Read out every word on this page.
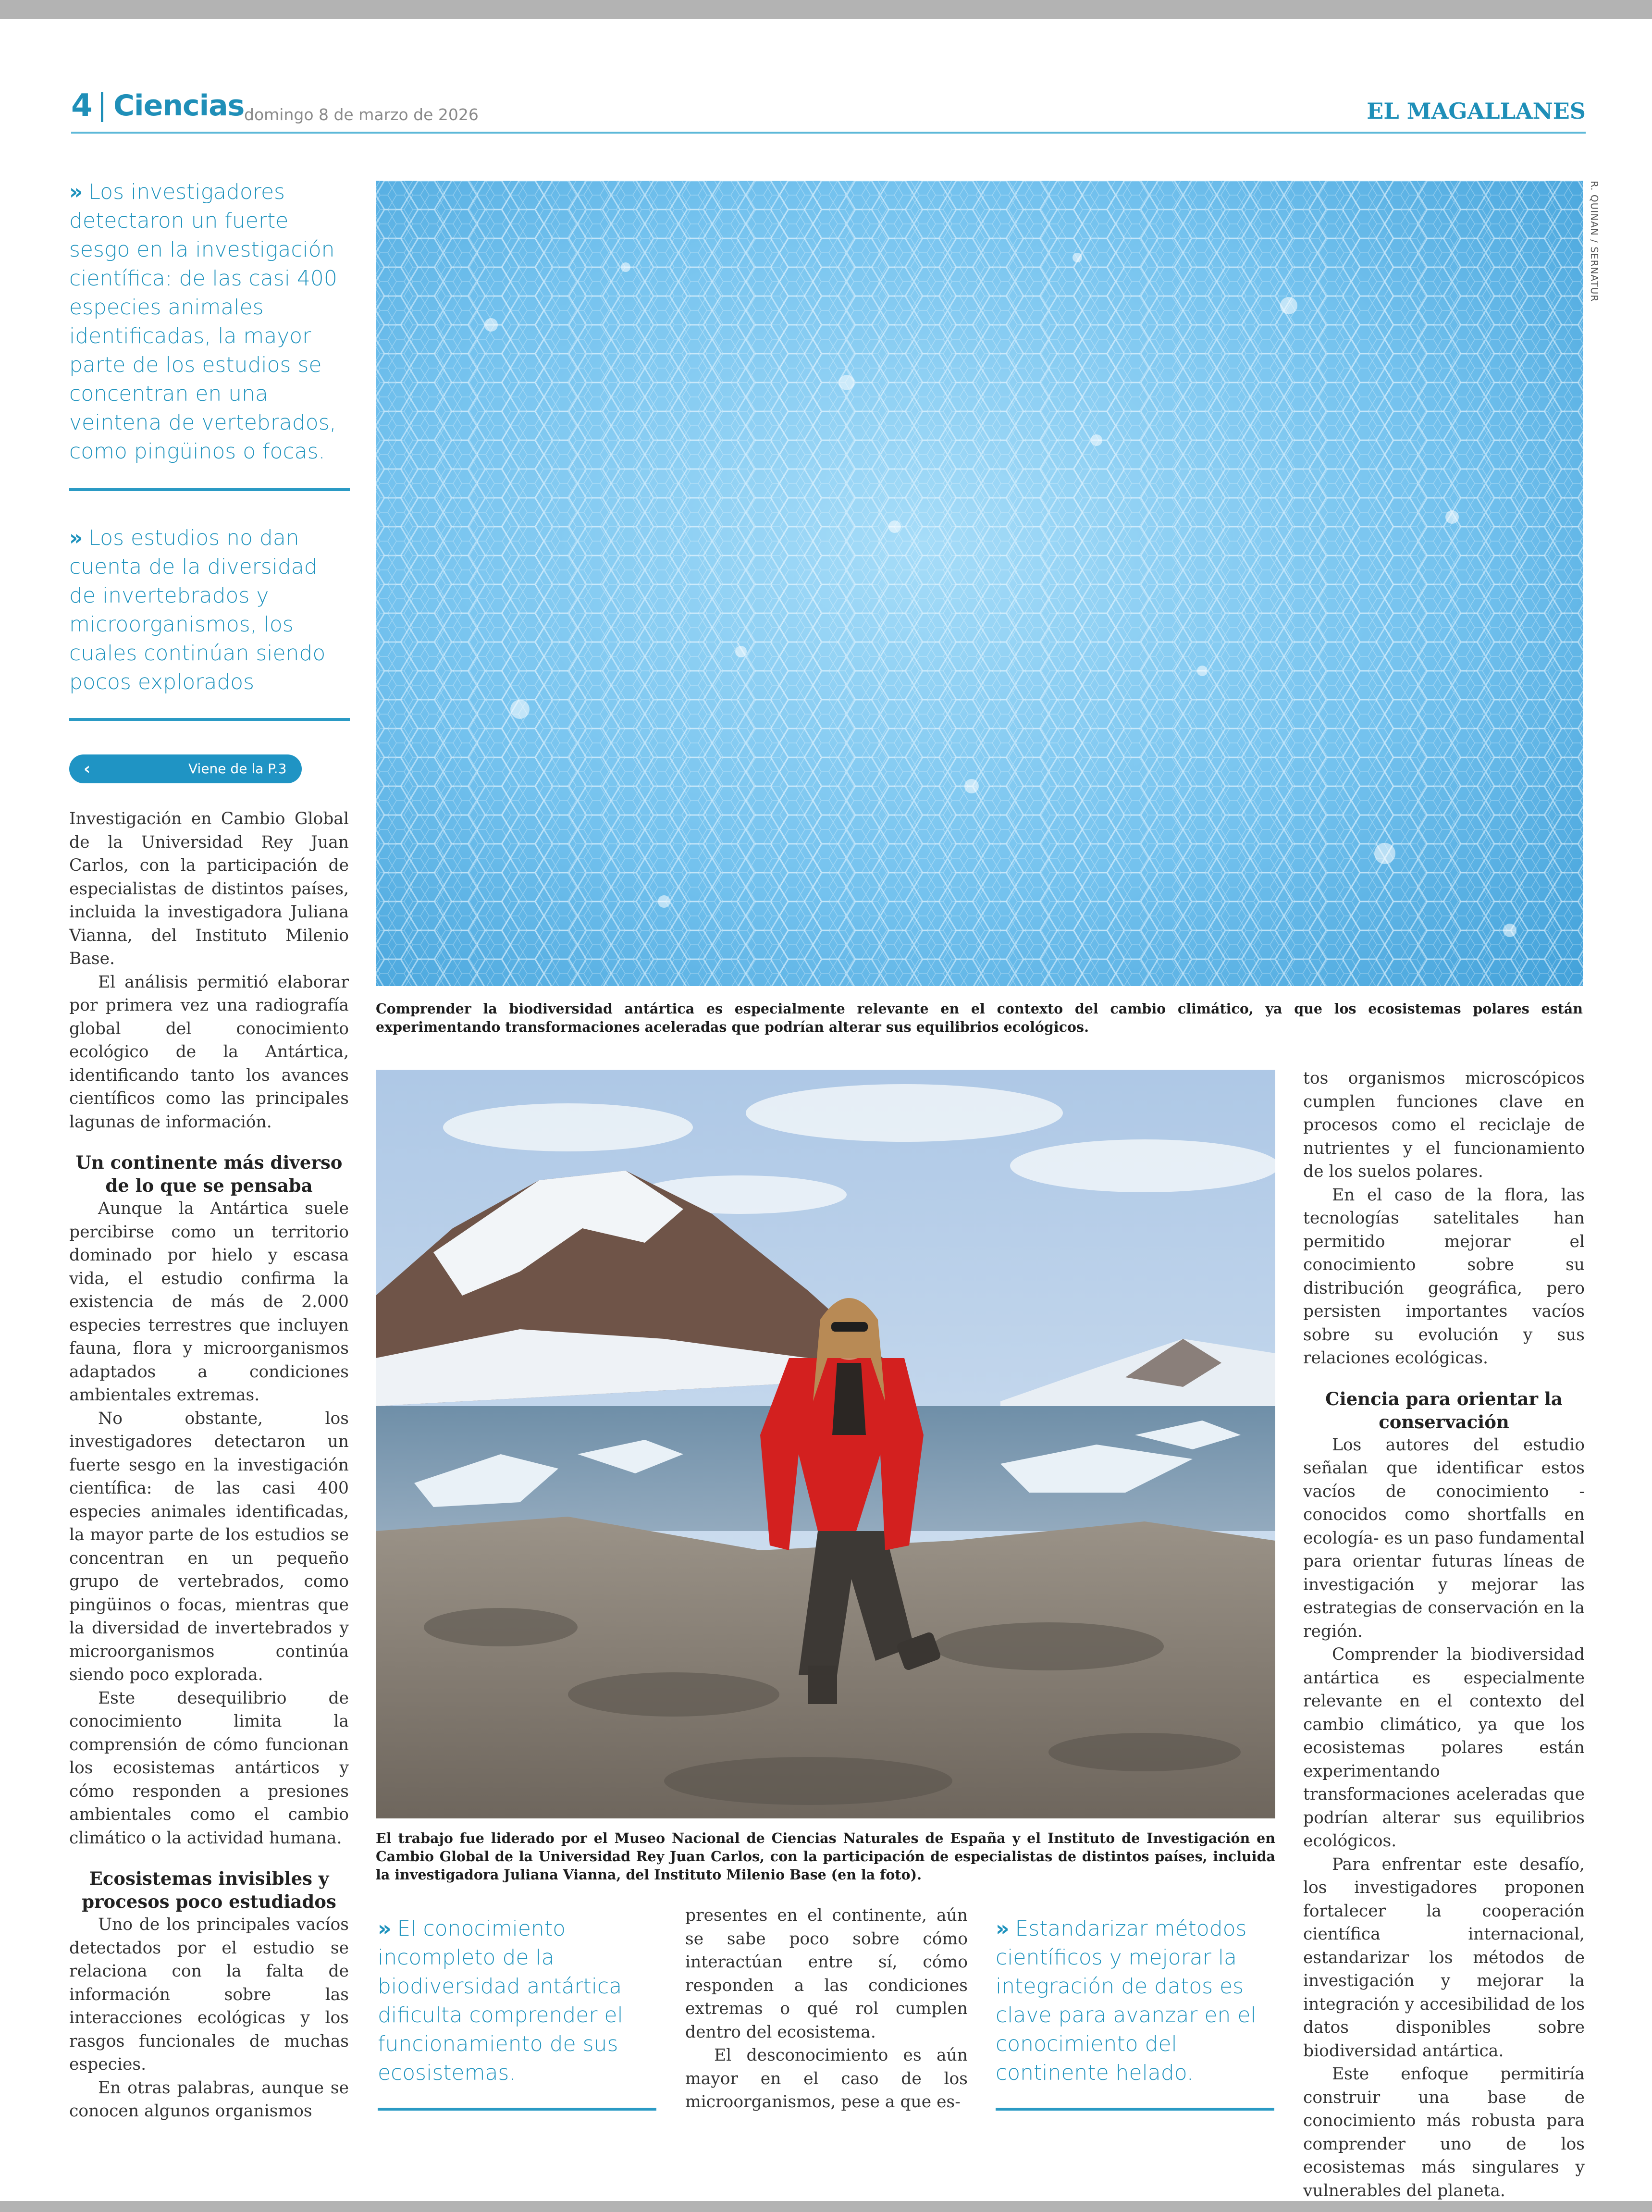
4 Ciencias domingo 8 de marzo de 2026	EL MAGALLANES
» Los investigadores detectaron un fuerte sesgo en la investigación científica: de las casi 400 especies animales identificadas, la mayor parte de los estudios se concentran en una veintena de vertebrados, como pingüinos o focas.
» Los estudios no dan cuenta de la diversidad de invertebrados y microorganismos, los cuales continúan siendo pocos explorados
‹	Viene de la P.3

Investigación en Cambio Global de la Universidad Rey Juan Carlos, con la participación de especialistas de distintos países, incluida la investigadora Juliana Vianna, del Instituto Milenio Base.

El análisis permitió elaborar por primera vez una radiografía global del conocimiento ecológico de la Antártica, identificando tanto los avances científicos como las principales lagunas de información.

Un continente más diverso de lo que se pensaba

Aunque la Antártica suele percibirse como un territorio dominado por hielo y escasa vida, el estudio confirma la existencia de más de 2.000 especies terrestres que incluyen fauna, flora y microorganismos adaptados a condiciones ambientales extremas.

No obstante, los investigadores detectaron un fuerte sesgo en la investigación científica: de las casi 400 especies animales identificadas, la mayor parte de los estudios se concentran en un pequeño grupo de vertebrados, como pingüinos o focas, mientras que la diversidad de invertebrados y microorganismos continúa siendo poco explorada.

Este desequilibrio de conocimiento limita la comprensión de cómo funcionan los ecosistemas antárticos y cómo responden a presiones ambientales como el cambio climático o la actividad humana.

Ecosistemas invisibles y procesos poco estudiados

Uno de los principales vacíos detectados por el estudio se relaciona con la falta de información sobre las interacciones ecológicas y los rasgos funcionales de muchas especies.

En otras palabras, aunque se conocen algunos organismos

R. QUINAN / SERNATUR
Comprender la biodiversidad antártica es especialmente relevante en el contexto del cambio climático, ya que los ecosistemas polares están experimentando transformaciones aceleradas que podrían alterar sus equilibrios ecológicos.
El trabajo fue liderado por el Museo Nacional de Ciencias Naturales de España y el Instituto de Investigación en Cambio Global de la Universidad Rey Juan Carlos, con la participación de especialistas de distintos países, incluida la investigadora Juliana Vianna, del Instituto Milenio Base (en la foto).
» El conocimiento incompleto de la biodiversidad antártica dificulta comprender el funcionamiento de sus ecosistemas.

presentes en el continente, aún se sabe poco sobre cómo interactúan entre sí, cómo responden a las condiciones extremas o qué rol cumplen dentro del ecosistema.

El desconocimiento es aún mayor en el caso de los microorganismos, pese a que es-

» Estandarizar métodos científicos y mejorar la integración de datos es clave para avanzar en el conocimiento del continente helado.

tos organismos microscópicos cumplen funciones clave en procesos como el reciclaje de nutrientes y el funcionamiento de los suelos polares.

En el caso de la flora, las tecnologías satelitales han permitido mejorar el conocimiento sobre su distribución geográfica, pero persisten importantes vacíos sobre su evolución y sus relaciones ecológicas.

Ciencia para orientar la conservación

Los autores del estudio señalan que identificar estos vacíos de conocimiento -conocidos como shortfalls en ecología- es un paso fundamental para orientar futuras líneas de investigación y mejorar las estrategias de conservación en la región.

Comprender la biodiversidad antártica es especialmente relevante en el contexto del cambio climático, ya que los ecosistemas polares están experimentando transformaciones aceleradas que podrían alterar sus equilibrios ecológicos.

Para enfrentar este desafío, los investigadores proponen fortalecer la cooperación científica internacional, estandarizar los métodos de investigación y mejorar la integración y accesibilidad de los datos disponibles sobre biodiversidad antártica.

Este enfoque permitiría construir una base de conocimiento más robusta para comprender uno de los ecosistemas más singulares y vulnerables del planeta.
